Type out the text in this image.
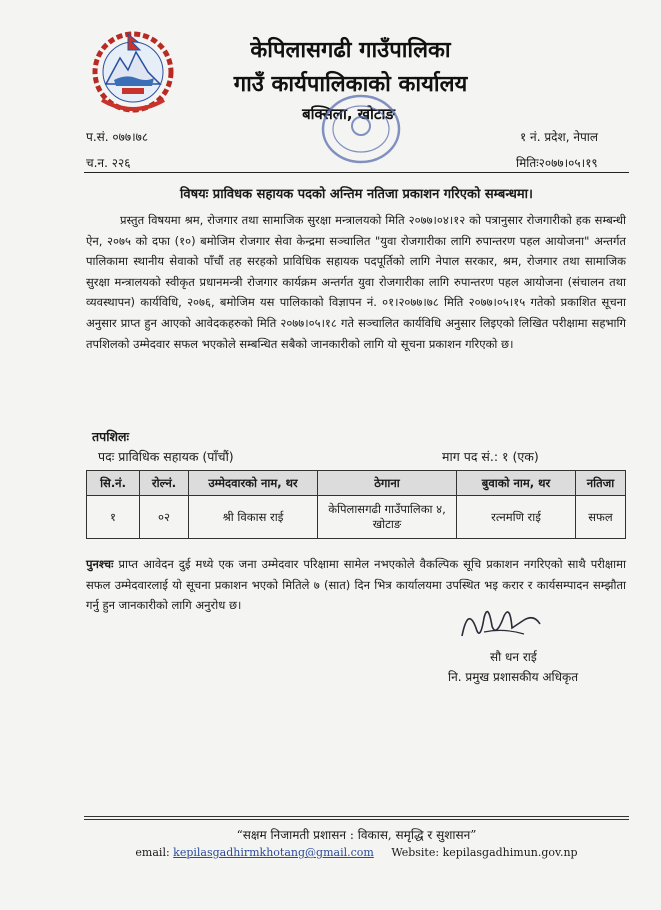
केपिलासगढी गाउँपालिका
गाउँ कार्यपालिकाको कार्यालय
बक्सिला, खोटाङ
प.सं. ०७७।७८
च.न. २२६
१ नं. प्रदेश, नेपाल
मितिः२०७७।०५।१९
विषयः प्राविधक सहायक पदको अन्तिम नतिजा प्रकाशन गरिएको सम्बन्धमा।
प्रस्तुत विषयमा श्रम, रोजगार तथा सामाजिक सुरक्षा मन्त्रालयको मिति २०७७।०४।१२ को पत्रानुसार रोजगारीको हक सम्बन्धी ऐन, २०७५ को दफा (१०) बमोजिम रोजगार सेवा केन्द्रमा सञ्चालित "युवा रोजगारीका लागि रुपान्तरण पहल आयोजना" अन्तर्गत पालिकामा स्थानीय सेवाको पाँचौं तह सरहको प्राविधिक सहायक पदपूर्तिको लागि नेपाल सरकार, श्रम, रोजगार तथा सामाजिक सुरक्षा मन्त्रालयको स्वीकृत प्रधानमन्त्री रोजगार कार्यक्रम अन्तर्गत युवा रोजगारीका लागि रुपान्तरण पहल आयोजना (संचालन तथा व्यवस्थापन) कार्यविधि, २०७६, बमोजिम यस पालिकाको विज्ञापन नं. ०१।२०७७।७८ मिति २०७७।०५।१५ गतेको प्रकाशित सूचना अनुसार प्राप्त हुन आएको आवेदकहरुको मिति २०७७।०५।१८ गते सञ्चालित कार्यविधि अनुसार लिइएको लिखित परीक्षामा सहभागि तपशिलको उम्मेदवार सफल भएकोले सम्बन्धित सबैको जानकारीको लागि यो सूचना प्रकाशन गरिएको छ।
तपशिलः
पदः प्राविधिक सहायक (पाँचौं)	माग पद सं.: १ (एक)
सि.नं.	रोल्नं.	उम्मेदवारको नाम, थर	ठेगाना	बुवाको नाम, थर	नतिजा
१	०२	श्री विकास राई	केपिलासगढी गाउँपालिका ४, खोटाङ	रत्नमणि राई	सफल
पुनश्चः प्राप्त आवेदन दुई मध्ये एक जना उम्मेदवार परिक्षामा सामेल नभएकोले वैकल्पिक सूचि प्रकाशन नगरिएको साथै परीक्षामा सफल उम्मेदवारलाई यो सूचना प्रकाशन भएको मितिले ७ (सात) दिन भित्र कार्यालयमा उपस्थित भइ करार र कार्यसम्पादन सम्झौता गर्नु हुन जानकारीको लागि अनुरोध छ।
सौ धन राई
नि. प्रमुख प्रशासकीय अधिकृत
“सक्षम निजामती प्रशासन : विकास, समृद्धि र सुशासन”
email: kepilasgadhirmkhotang@gmail.com Website: kepilasgadhimun.gov.np
